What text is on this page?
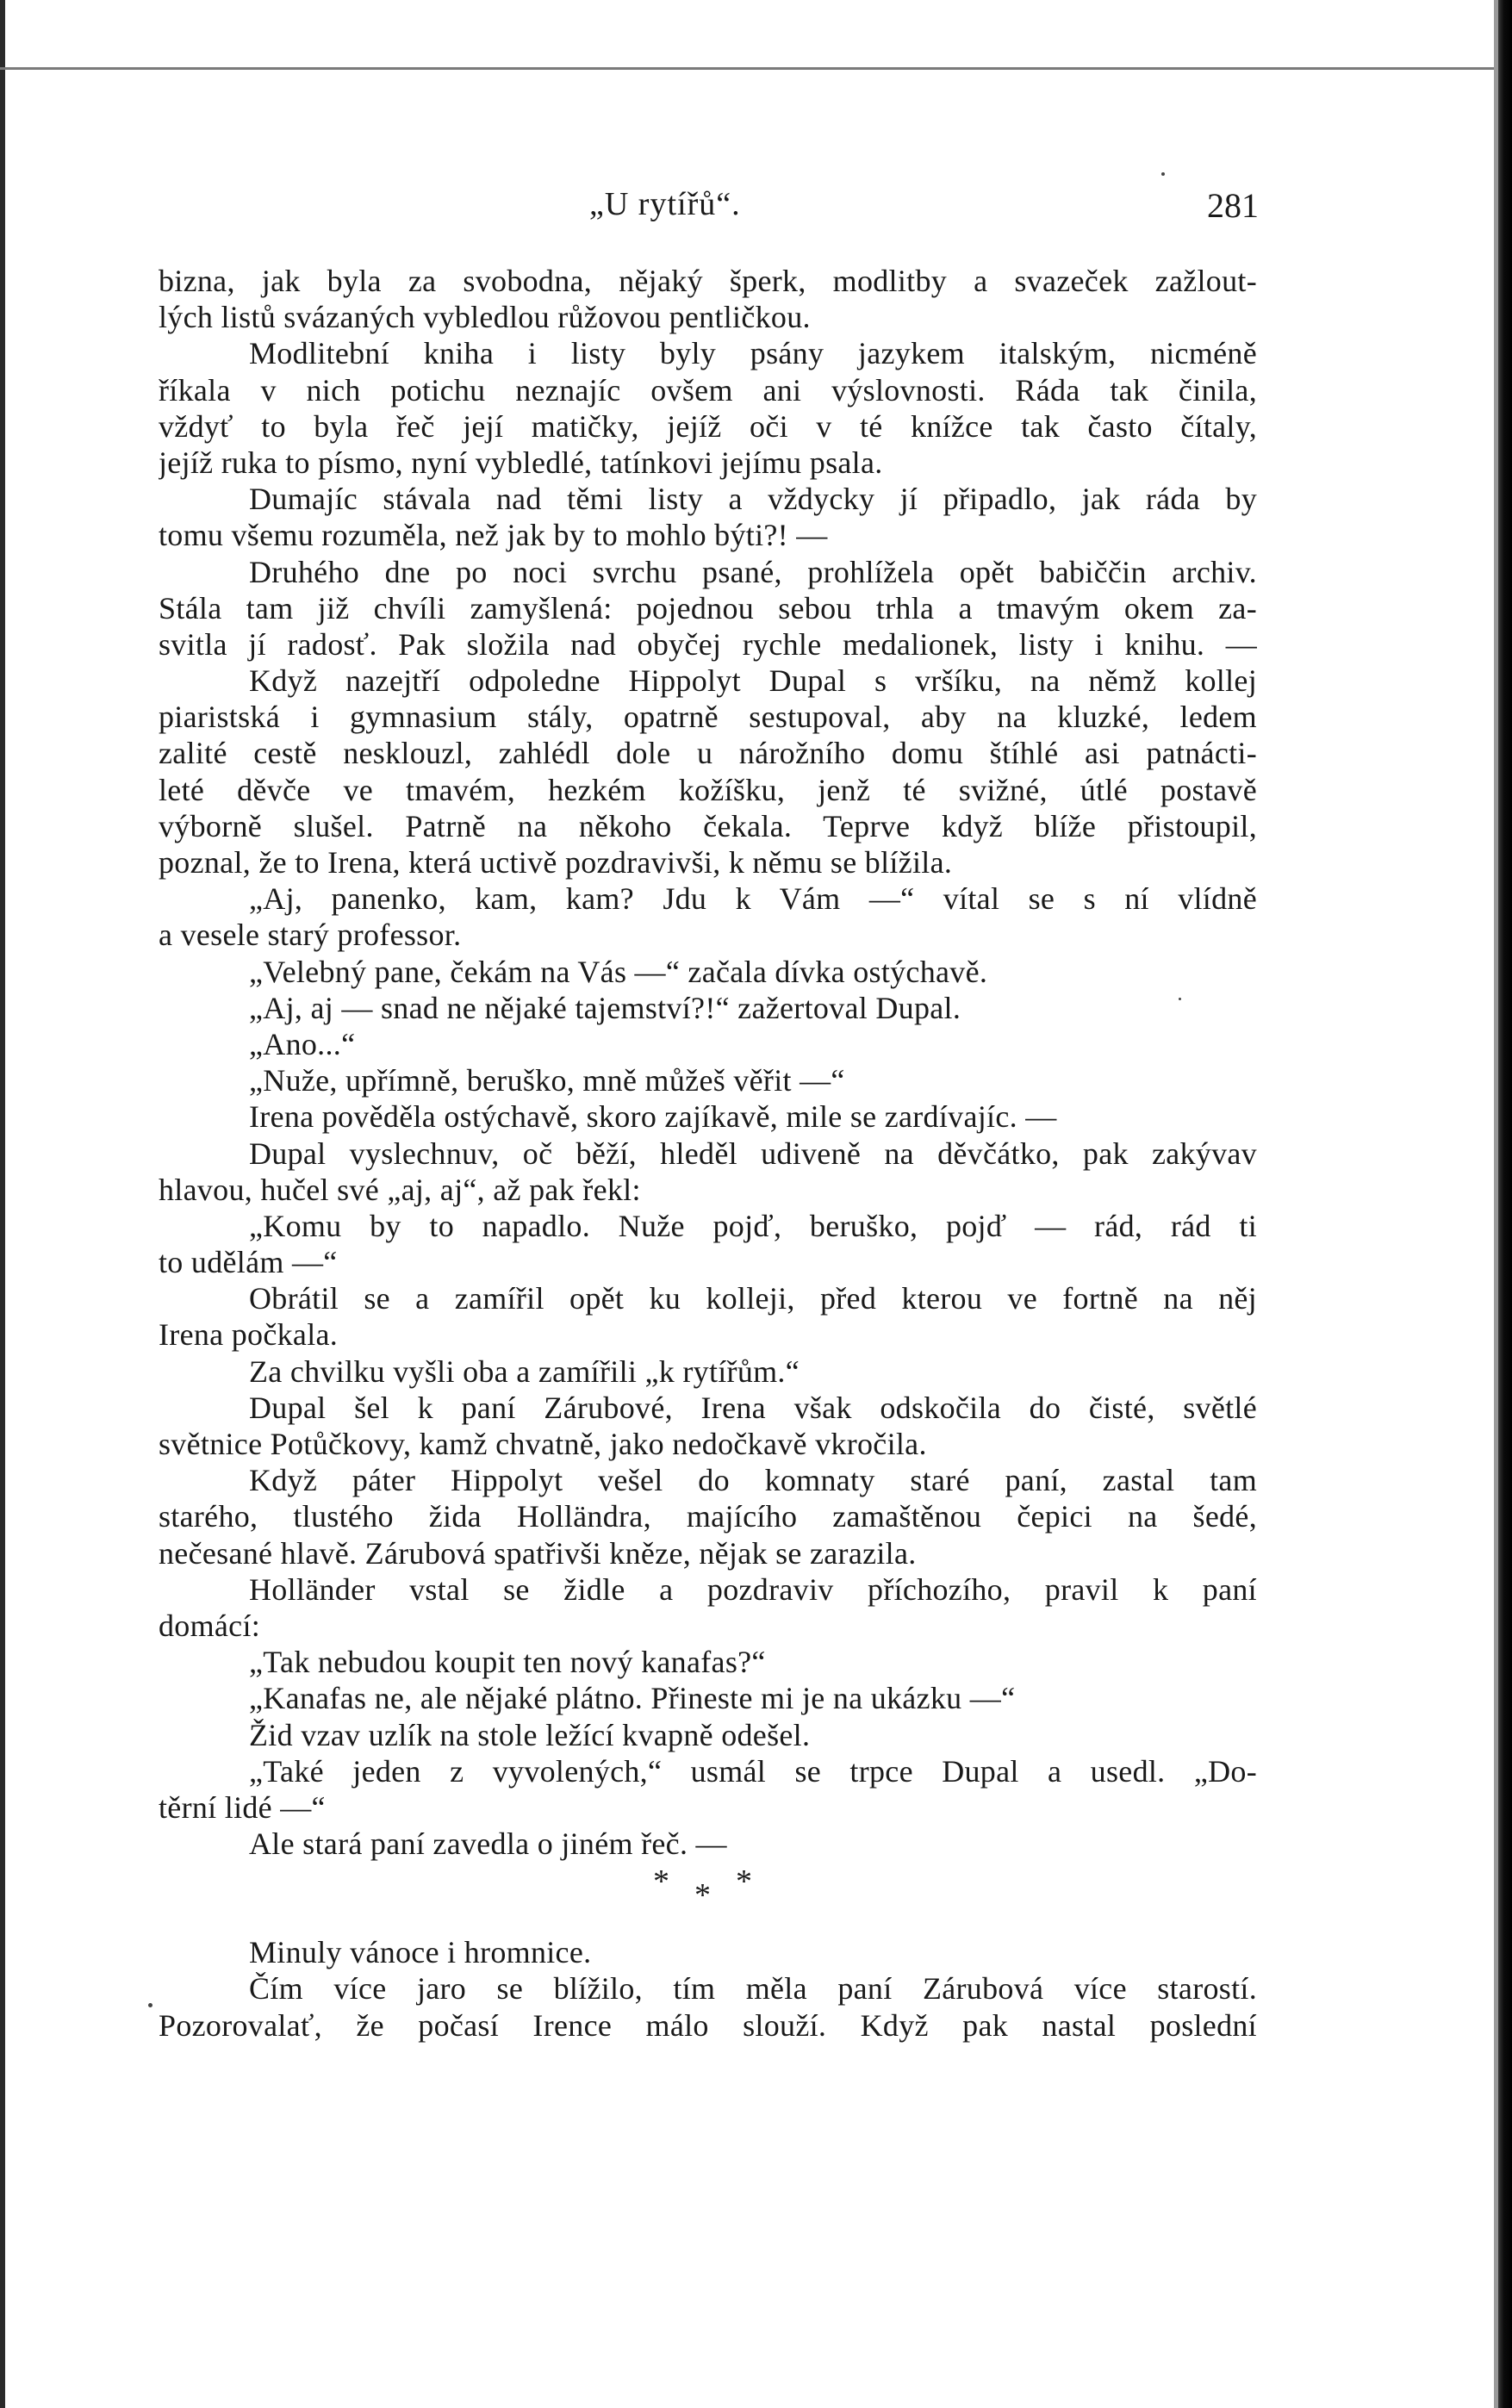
„U rytířů“.	281
bizna, jak byla za svobodna, nějaký šperk, modlitby a svazeček zažlout-
lých listů svázaných vybledlou růžovou pentličkou.
Modlitební kniha i listy byly psány jazykem italským, nicméně
říkala v nich potichu neznajíc ovšem ani výslovnosti. Ráda tak činila,
vždyť to byla řeč její matičky, jejíž oči v té knížce tak často čítaly,
jejíž ruka to písmo, nyní vybledlé, tatínkovi jejímu psala.
Dumajíc stávala nad těmi listy a vždycky jí připadlo, jak ráda by
tomu všemu rozuměla, než jak by to mohlo býti?! —
Druhého dne po noci svrchu psané, prohlížela opět babiččin archiv.
Stála tam již chvíli zamyšlená: pojednou sebou trhla a tmavým okem za-
svitla jí radosť. Pak složila nad obyčej rychle medalionek, listy i knihu. —
Když nazejtří odpoledne Hippolyt Dupal s vršíku, na němž kollej
piaristská i gymnasium stály, opatrně sestupoval, aby na kluzké, ledem
zalité cestě nesklouzl, zahlédl dole u nárožního domu štíhlé asi patnácti-
leté děvče ve tmavém, hezkém kožíšku, jenž té svižné, útlé postavě
výborně slušel. Patrně na někoho čekala. Teprve když blíže přistoupil,
poznal, že to Irena, která uctivě pozdravivši, k němu se blížila.
„Aj, panenko, kam, kam? Jdu k Vám —“ vítal se s ní vlídně
a vesele starý professor.
„Velebný pane, čekám na Vás —“ začala dívka ostýchavě.
„Aj, aj — snad ne nějaké tajemství?!“ zažertoval Dupal.
„Ano...“
„Nuže, upřímně, beruško, mně můžeš věřit —“
Irena pověděla ostýchavě, skoro zajíkavě, mile se zardívajíc. —
Dupal vyslechnuv, oč běží, hleděl udiveně na děvčátko, pak zakývav
hlavou, hučel své „aj, aj“, až pak řekl:
„Komu by to napadlo. Nuže pojď, beruško, pojď — rád, rád ti
to udělám —“
Obrátil se a zamířil opět ku kolleji, před kterou ve fortně na něj
Irena počkala.
Za chvilku vyšli oba a zamířili „k rytířům.“
Dupal šel k paní Zárubové, Irena však odskočila do čisté, světlé
světnice Potůčkovy, kamž chvatně, jako nedočkavě vkročila.
Když páter Hippolyt vešel do komnaty staré paní, zastal tam
starého, tlustého žida Holländra, majícího zamaštěnou čepici na šedé,
nečesané hlavě. Zárubová spatřivši kněze, nějak se zarazila.
Holländer vstal se židle a pozdraviv příchozího, pravil k paní
domácí:
„Tak nebudou koupit ten nový kanafas?“
„Kanafas ne, ale nějaké plátno. Přineste mi je na ukázku —“
Žid vzav uzlík na stole ležící kvapně odešel.
„Také jeden z vyvolených,“ usmál se trpce Dupal a usedl. „Do-
těrní lidé —“
Ale stará paní zavedla o jiném řeč. —
* * *
Minuly vánoce i hromnice.
Čím více jaro se blížilo, tím měla paní Zárubová více starostí.
Pozorovalať, že počasí Irence málo slouží. Když pak nastal poslední
